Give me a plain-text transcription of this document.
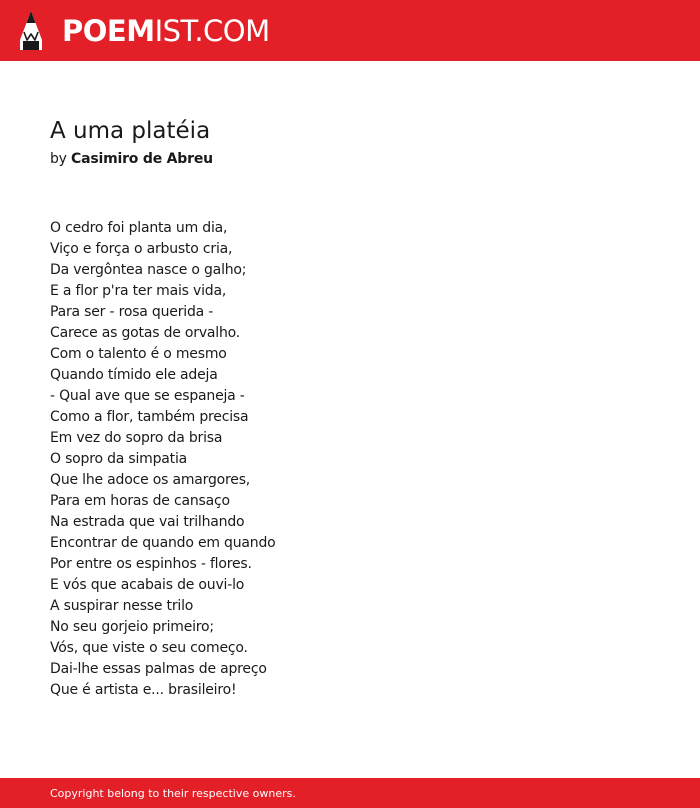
POEMIST.COM
A uma platéia
by Casimiro de Abreu
O cedro foi planta um dia,
Viço e força o arbusto cria,
Da vergôntea nasce o galho;
E a flor p'ra ter mais vida,
Para ser - rosa querida -
Carece as gotas de orvalho.
Com o talento é o mesmo
Quando tímido ele adeja
- Qual ave que se espaneja -
Como a flor, também precisa
Em vez do sopro da brisa
O sopro da simpatia
Que lhe adoce os amargores,
Para em horas de cansaço
Na estrada que vai trilhando
Encontrar de quando em quando
Por entre os espinhos - flores.
E vós que acabais de ouvi-lo
A suspirar nesse trilo
No seu gorjeio primeiro;
Vós, que viste o seu começo.
Dai-lhe essas palmas de apreço
Que é artista e... brasileiro!
Copyright belong to their respective owners.
